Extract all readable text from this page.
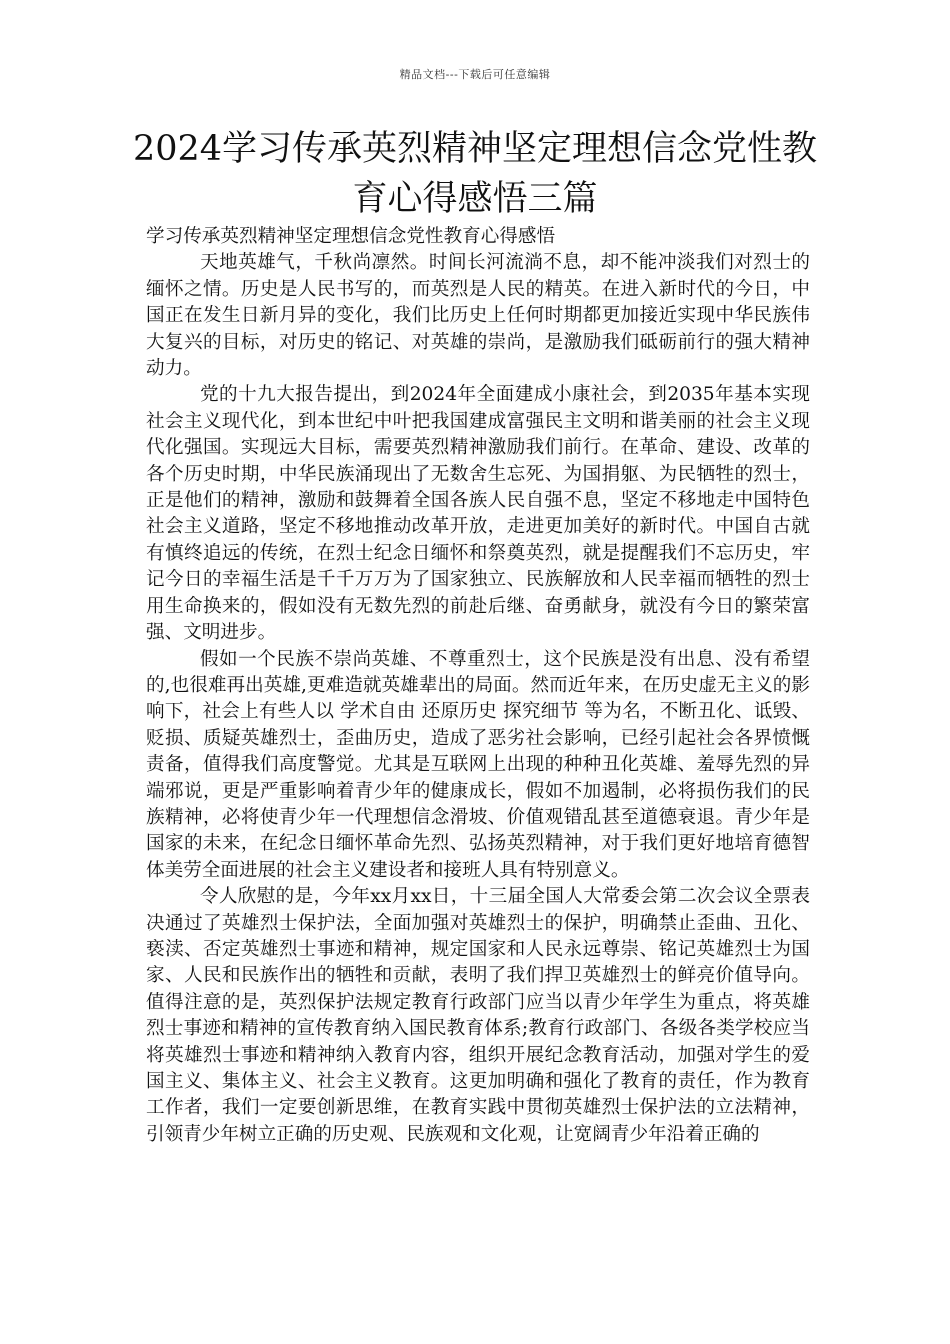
精品文档---下载后可任意编辑
2024学习传承英烈精神坚定理想信念党性教育心得感悟三篇
学习传承英烈精神坚定理想信念党性教育心得感悟

天地英雄气，千秋尚凛然。时间长河流淌不息，却不能冲淡我们对烈士的缅怀之情。历史是人民书写的，而英烈是人民的精英。在进入新时代的今日，中国正在发生日新月异的变化，我们比历史上任何时期都更加接近实现中华民族伟大复兴的目标，对历史的铭记、对英雄的崇尚，是激励我们砥砺前行的强大精神动力。

党的十九大报告提出，到2024年全面建成小康社会，到2035年基本实现社会主义现代化，到本世纪中叶把我国建成富强民主文明和谐美丽的社会主义现代化强国。实现远大目标，需要英烈精神激励我们前行。在革命、建设、改革的各个历史时期，中华民族涌现出了无数舍生忘死、为国捐躯、为民牺牲的烈士，正是他们的精神，激励和鼓舞着全国各族人民自强不息，坚定不移地走中国特色社会主义道路，坚定不移地推动改革开放，走进更加美好的新时代。中国自古就有慎终追远的传统，在烈士纪念日缅怀和祭奠英烈，就是提醒我们不忘历史，牢记今日的幸福生活是千千万万为了国家独立、民族解放和人民幸福而牺牲的烈士用生命换来的，假如没有无数先烈的前赴后继、奋勇献身，就没有今日的繁荣富强、文明进步。

假如一个民族不崇尚英雄、不尊重烈士，这个民族是没有出息、没有希望的,也很难再出英雄,更难造就英雄辈出的局面。然而近年来，在历史虚无主义的影响下，社会上有些人以 学术自由 还原历史 探究细节 等为名，不断丑化、诋毁、贬损、质疑英雄烈士，歪曲历史，造成了恶劣社会影响，已经引起社会各界愤慨责备，值得我们高度警觉。尤其是互联网上出现的种种丑化英雄、羞辱先烈的异端邪说，更是严重影响着青少年的健康成长，假如不加遏制，必将损伤我们的民族精神，必将使青少年一代理想信念滑坡、价值观错乱甚至道德衰退。青少年是国家的未来，在纪念日缅怀革命先烈、弘扬英烈精神，对于我们更好地培育德智体美劳全面进展的社会主义建设者和接班人具有特别意义。

令人欣慰的是，今年xx月xx日，十三届全国人大常委会第二次会议全票表决通过了英雄烈士保护法，全面加强对英雄烈士的保护，明确禁止歪曲、丑化、亵渎、否定英雄烈士事迹和精神，规定国家和人民永远尊崇、铭记英雄烈士为国家、人民和民族作出的牺牲和贡献，表明了我们捍卫英雄烈士的鲜亮价值导向。值得注意的是，英烈保护法规定教育行政部门应当以青少年学生为重点，将英雄烈士事迹和精神的宣传教育纳入国民教育体系;教育行政部门、各级各类学校应当将英雄烈士事迹和精神纳入教育内容，组织开展纪念教育活动，加强对学生的爱国主义、集体主义、社会主义教育。这更加明确和强化了教育的责任，作为教育工作者，我们一定要创新思维，在教育实践中贯彻英雄烈士保护法的立法精神，引领青少年树立正确的历史观、民族观和文化观，让宽阔青少年沿着正确的
